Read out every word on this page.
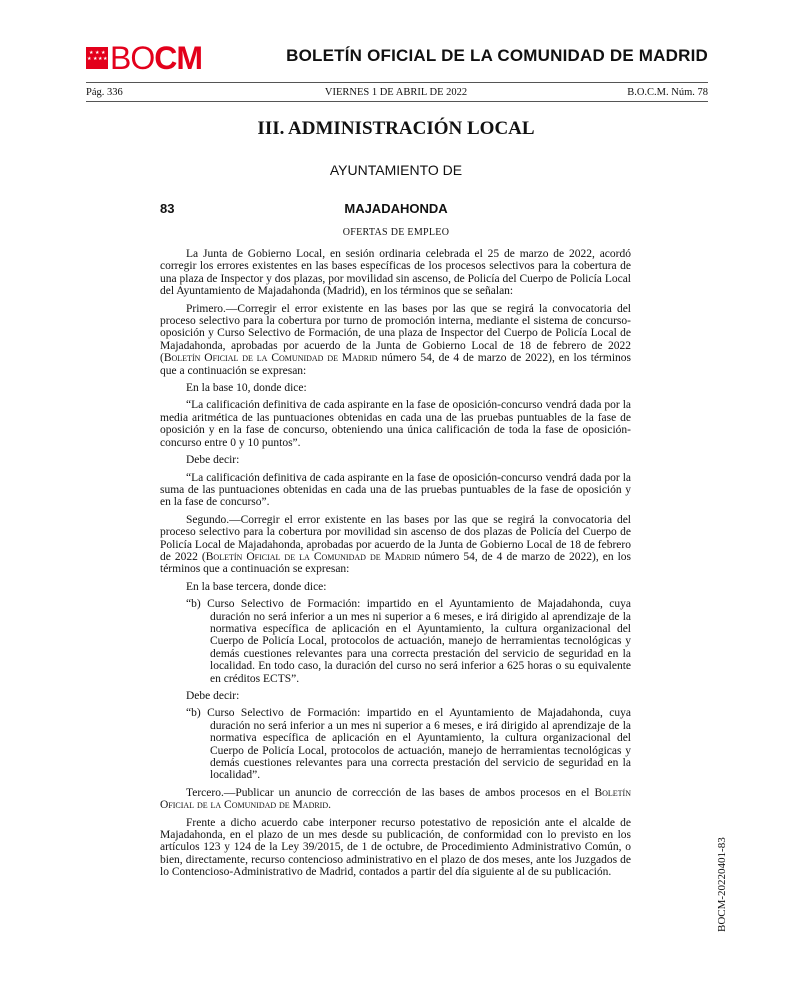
★ ★ ★
★ ★ ★ ★ BOCM	BOLETÍN OFICIAL DE LA COMUNIDAD DE MADRID
Pág. 336	VIERNES 1 DE ABRIL DE 2022	B.O.C.M. Núm. 78
III. ADMINISTRACIÓN LOCAL
AYUNTAMIENTO DE
83	MAJADAHONDA
OFERTAS DE EMPLEO

La Junta de Gobierno Local, en sesión ordinaria celebrada el 25 de marzo de 2022, acordó corregir los errores existentes en las bases específicas de los procesos selectivos para la cobertura de una plaza de Inspector y dos plazas, por movilidad sin ascenso, de Policía del Cuerpo de Policía Local del Ayuntamiento de Majadahonda (Madrid), en los términos que se señalan:

Primero.—Corregir el error existente en las bases por las que se regirá la convocatoria del proceso selectivo para la cobertura por turno de promoción interna, mediante el sistema de concurso-oposición y Curso Selectivo de Formación, de una plaza de Inspector del Cuerpo de Policía Local de Majadahonda, aprobadas por acuerdo de la Junta de Gobierno Local de 18 de febrero de 2022 (Boletín Oficial de la Comunidad de Madrid número 54, de 4 de marzo de 2022), en los términos que a continuación se expresan:

En la base 10, donde dice:

“La calificación definitiva de cada aspirante en la fase de oposición-concurso vendrá dada por la media aritmética de las puntuaciones obtenidas en cada una de las pruebas puntuables de la fase de oposición y en la fase de concurso, obteniendo una única calificación de toda la fase de oposición-concurso entre 0 y 10 puntos”.

Debe decir:

“La calificación definitiva de cada aspirante en la fase de oposición-concurso vendrá dada por la suma de las puntuaciones obtenidas en cada una de las pruebas puntuables de la fase de oposición y en la fase de concurso”.

Segundo.—Corregir el error existente en las bases por las que se regirá la convocatoria del proceso selectivo para la cobertura por movilidad sin ascenso de dos plazas de Policía del Cuerpo de Policía Local de Majadahonda, aprobadas por acuerdo de la Junta de Gobierno Local de 18 de febrero de 2022 (Boletín Oficial de la Comunidad de Madrid número 54, de 4 de marzo de 2022), en los términos que a continuación se expresan:

En la base tercera, donde dice:

“b) Curso Selectivo de Formación: impartido en el Ayuntamiento de Majadahonda, cuya duración no será inferior a un mes ni superior a 6 meses, e irá dirigido al aprendizaje de la normativa específica de aplicación en el Ayuntamiento, la cultura organizacional del Cuerpo de Policía Local, protocolos de actuación, manejo de herramientas tecnológicas y demás cuestiones relevantes para una correcta prestación del servicio de seguridad en la localidad. En todo caso, la duración del curso no será inferior a 625 horas o su equivalente en créditos ECTS”.

Debe decir:

“b) Curso Selectivo de Formación: impartido en el Ayuntamiento de Majadahonda, cuya duración no será inferior a un mes ni superior a 6 meses, e irá dirigido al aprendizaje de la normativa específica de aplicación en el Ayuntamiento, la cultura organizacional del Cuerpo de Policía Local, protocolos de actuación, manejo de herramientas tecnológicas y demás cuestiones relevantes para una correcta prestación del servicio de seguridad en la localidad”.

Tercero.—Publicar un anuncio de corrección de las bases de ambos procesos en el Boletín Oficial de la Comunidad de Madrid.

Frente a dicho acuerdo cabe interponer recurso potestativo de reposición ante el alcalde de Majadahonda, en el plazo de un mes desde su publicación, de conformidad con lo previsto en los artículos 123 y 124 de la Ley 39/2015, de 1 de octubre, de Procedimiento Administrativo Común, o bien, directamente, recurso contencioso administrativo en el plazo de dos meses, ante los Juzgados de lo Contencioso-Administrativo de Madrid, contados a partir del día siguiente al de su publicación.	BOCM-20220401-83
